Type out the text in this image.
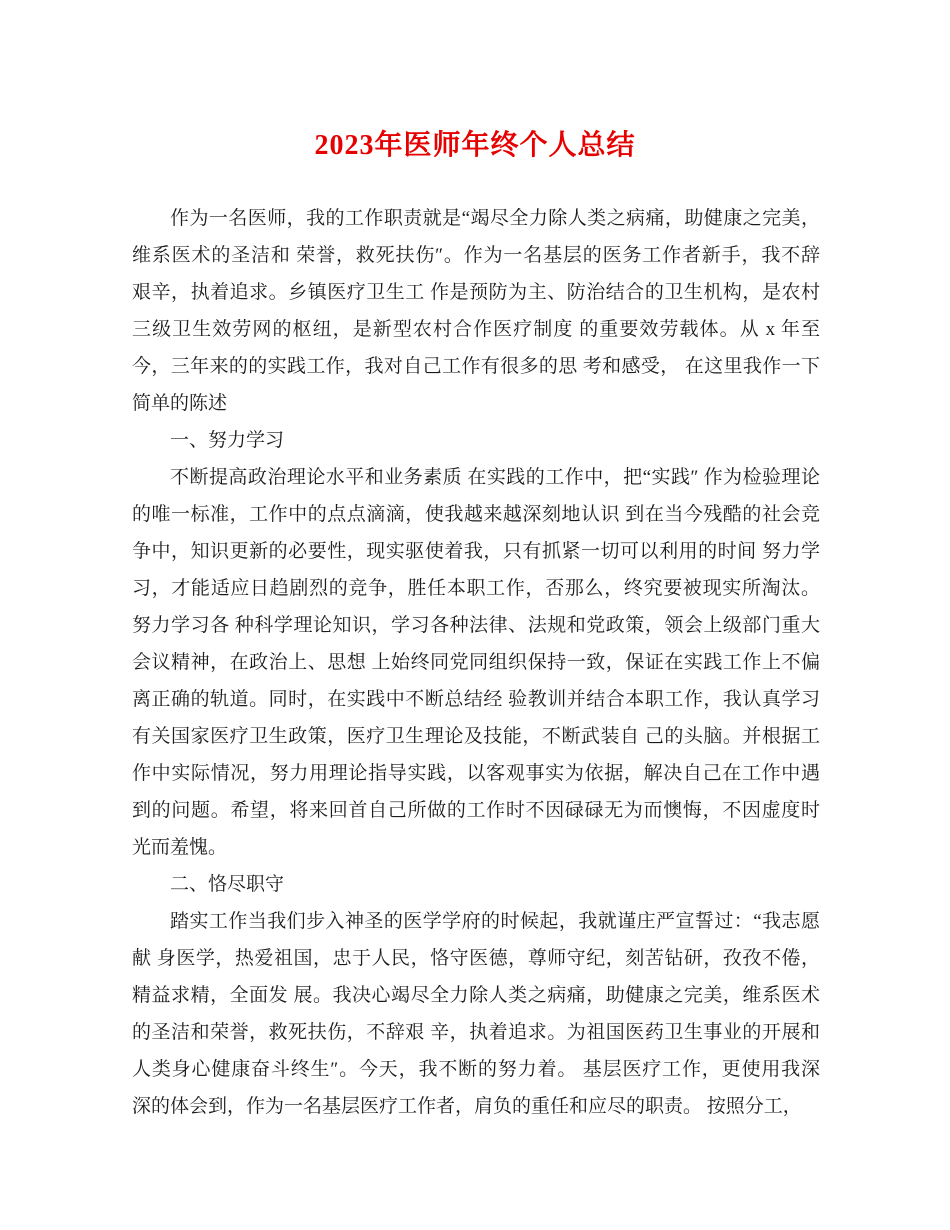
2023年医师年终个人总结

作为一名医师，我的工作职责就是“竭尽全力除人类之病痛，助健康之完美，

维系医术的圣洁和 荣誉，救死扶伤″。作为一名基层的医务工作者新手，我不辞

艰辛，执着追求。乡镇医疗卫生工 作是预防为主、防治结合的卫生机构，是农村

三级卫生效劳网的枢纽，是新型农村合作医疗制度 的重要效劳载体。从 x 年至

今，三年来的的实践工作，我对自己工作有很多的思 考和感受， 在这里我作一下

简单的陈述

一、努力学习

不断提高政治理论水平和业务素质 在实践的工作中，把“实践″ 作为检验理论

的唯一标准，工作中的点点滴滴，使我越来越深刻地认识 到在当今残酷的社会竞

争中，知识更新的必要性，现实驱使着我，只有抓紧一切可以利用的时间 努力学

习，才能适应日趋剧烈的竞争，胜任本职工作，否那么，终究要被现实所淘汰。

努力学习各 种科学理论知识，学习各种法律、法规和党政策，领会上级部门重大

会议精神，在政治上、思想 上始终同党同组织保持一致，保证在实践工作上不偏

离正确的轨道。同时，在实践中不断总结经 验教训并结合本职工作，我认真学习

有关国家医疗卫生政策，医疗卫生理论及技能，不断武装自 己的头脑。并根据工

作中实际情况，努力用理论指导实践，以客观事实为依据，解决自己在工作中遇

到的问题。希望，将来回首自己所做的工作时不因碌碌无为而懊悔，不因虚度时

光而羞愧。

二、恪尽职守

踏实工作当我们步入神圣的医学学府的时候起，我就谨庄严宣誓过：“我志愿

献 身医学，热爱祖国，忠于人民，恪守医德，尊师守纪，刻苦钻研，孜孜不倦，

精益求精，全面发 展。我决心竭尽全力除人类之病痛，助健康之完美，维系医术

的圣洁和荣誉，救死扶伤，不辞艰 辛，执着追求。为祖国医药卫生事业的开展和

人类身心健康奋斗终生″。今天，我不断的努力着。 基层医疗工作，更使用我深

深的体会到，作为一名基层医疗工作者，肩负的重任和应尽的职责。 按照分工，
